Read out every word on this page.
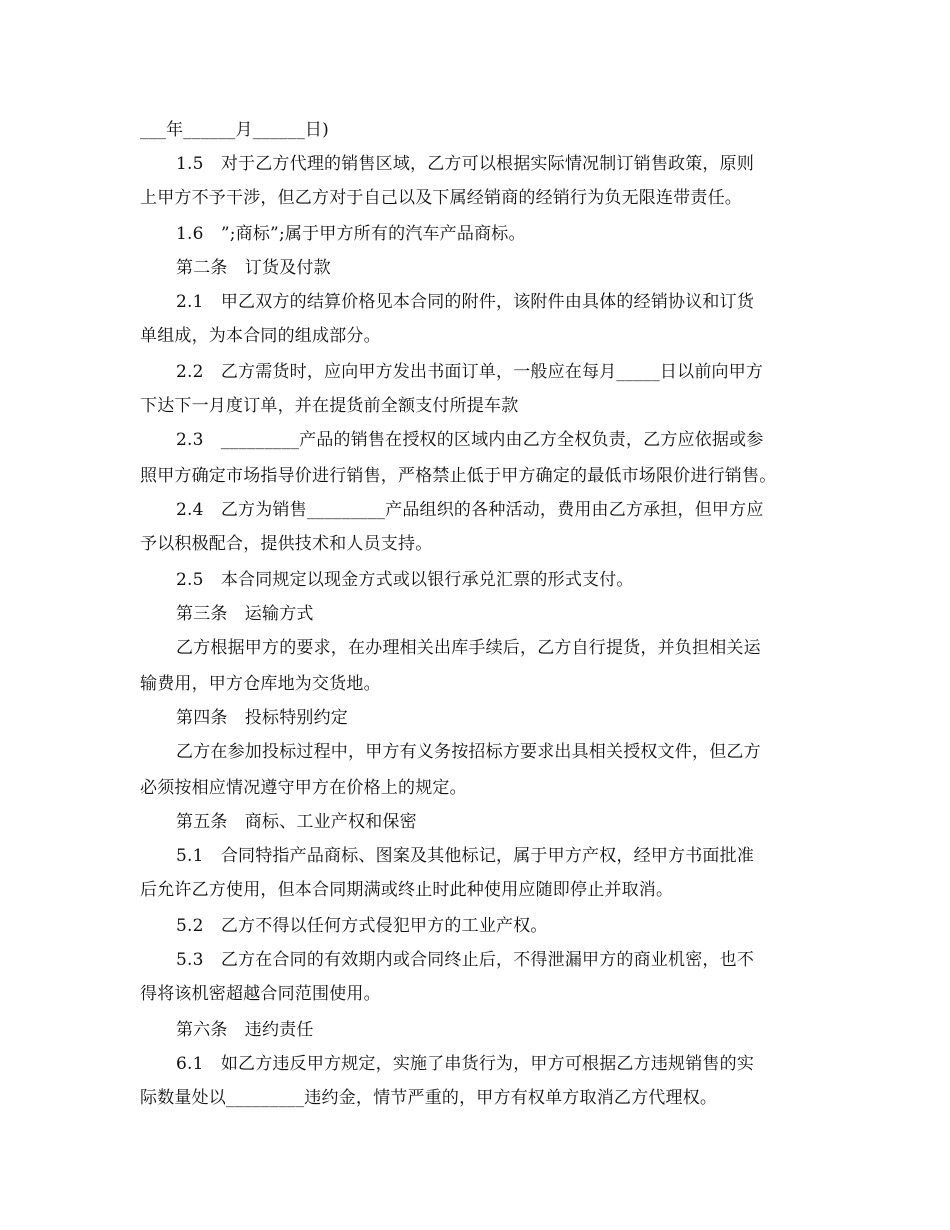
___年______月______日)
1.5　对于乙方代理的销售区域，乙方可以根据实际情况制订销售政策，原则
上甲方不予干涉，但乙方对于自己以及下属经销商的经销行为负无限连带责任。
1.6　”;商标”;属于甲方所有的汽车产品商标。
第二条　订货及付款
2.1　甲乙双方的结算价格见本合同的附件，该附件由具体的经销协议和订货
单组成，为本合同的组成部分。
2.2　乙方需货时，应向甲方发出书面订单，一般应在每月_____日以前向甲方
下达下一月度订单，并在提货前全额支付所提车款
2.3　_________产品的销售在授权的区域内由乙方全权负责，乙方应依据或参
照甲方确定市场指导价进行销售，严格禁止低于甲方确定的最低市场限价进行销售。
2.4　乙方为销售_________产品组织的各种活动，费用由乙方承担，但甲方应
予以积极配合，提供技术和人员支持。
2.5　本合同规定以现金方式或以银行承兑汇票的形式支付。
第三条　运输方式
乙方根据甲方的要求，在办理相关出库手续后，乙方自行提货，并负担相关运
输费用，甲方仓库地为交货地。
第四条　投标特别约定
乙方在参加投标过程中，甲方有义务按招标方要求出具相关授权文件，但乙方
必须按相应情况遵守甲方在价格上的规定。
第五条　商标、工业产权和保密
5.1　合同特指产品商标、图案及其他标记，属于甲方产权，经甲方书面批准
后允许乙方使用，但本合同期满或终止时此种使用应随即停止并取消。
5.2　乙方不得以任何方式侵犯甲方的工业产权。
5.3　乙方在合同的有效期内或合同终止后，不得泄漏甲方的商业机密，也不
得将该机密超越合同范围使用。
第六条　违约责任
6.1　如乙方违反甲方规定，实施了串货行为，甲方可根据乙方违规销售的实
际数量处以_________违约金，情节严重的，甲方有权单方取消乙方代理权。
